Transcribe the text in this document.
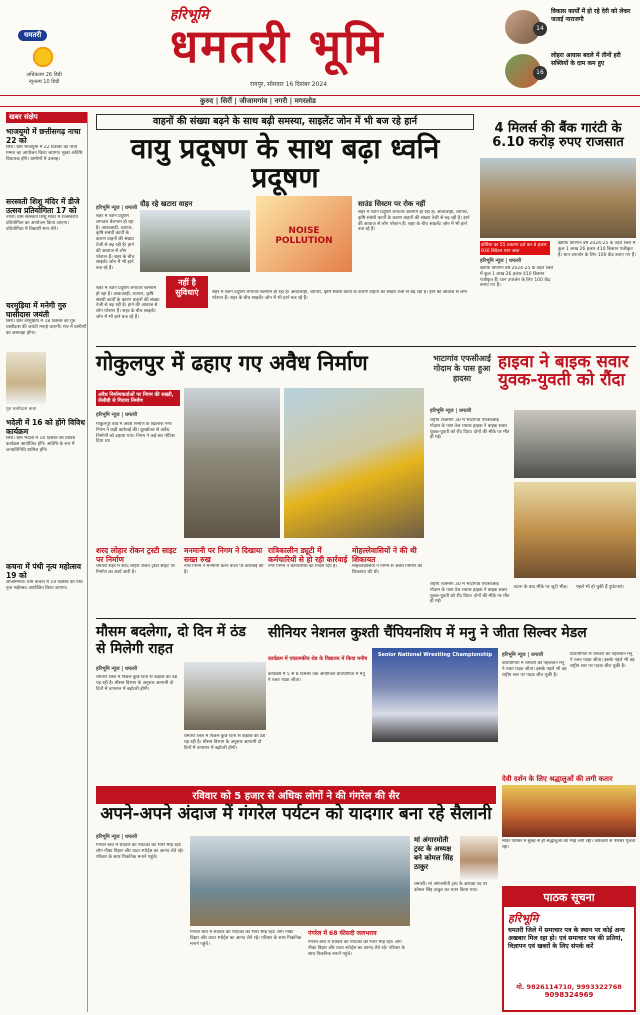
धमतरी
अधिकतम 26 डिग्री
न्यूनतम 10 डिग्री
हरिभूमि
धमतरी भूमि
रायपुर, सोमवार 16 दिसंबर 2024
14
विकास कार्यों में हो रहे देरी को लेकर जताई नाराजगी
16
लोहरा आवास बदले में तीनों हरी सब्जियों के दाम कम हुए
कुरुद | सिर्री | जीजामगांव | नगरी | मगरलोड
खबर संक्षेप
भाजयुमो में छत्तीसगढ़ नाचा 22 को
सिर्री। ग्राम भाजयुमो में 22 दिसंबर को नाचा गम्मत का आयोजन किया जाएगा। मुख्य अतिथि विधायक होंगे। ग्रामीणों में उत्साह।
सरस्वती शिशु मंदिर में डीजे उत्सव प्रतियोगिता 17 को
नगरी। ग्राम सरस्वती शिशु मंदिर में राजस्तरीय प्रतियोगिता का आयोजन किया जाएगा। प्रतियोगिता में विद्यार्थी भाग लेंगे।
चरमुड़िया में मनेगी गुरु घासीदास जयंती
सिर्री। ग्राम चरमुड़िया में 18 दिसंबर को गुरु घासीदास की जयंती मनाई जाएगी। मंच में ग्रामीणों का जमावड़ा होगा।
गुरु घासीदास बाबा
भदेली में 16 को होंगे विविध कार्यक्रम
सिर्री। ग्राम भदेली में 16 दिसंबर को विविध कार्यक्रम आयोजित होंगे। अतिथि के रूप में जनप्रतिनिधि शामिल होंगे।
कचना में पंथी नृत्य महोत्सव 19 को
जीजामगांव। ग्राम कचना में 19 दिसंबर को पंथी नृत्य महोत्सव आयोजित किया जाएगा।
वाहनों की संख्या बढ़ने के साथ बढ़ी समस्या, साइलेंट जोन में भी बज रहे हार्न
वायु प्रदूषण के साथ बढ़ा ध्वनि प्रदूषण
हरिभूमि न्यूज | धमतरी
शहर में ध्वनि प्रदूषण लगातार बेलगाम हो रहा है। आवाजाही, व्यापार, कृषि संबंधी कार्यों के कारण वाहनों की संख्या तेजी से बढ़ रही है। हार्न की आवाज से लोग परेशान हैं। शहर के बीच साइलेंट जोन में भी हार्न बज रहे हैं।
दौड़ रहे खटारा वाहन
NOISE POLLUTION
साउंड सिस्टम पर रोक नहीं
शहर में ध्वनि प्रदूषण लगातार बेलगाम हो रहा है। आवाजाही, व्यापार, कृषि संबंधी कार्यों के कारण वाहनों की संख्या तेजी से बढ़ रही है। हार्न की आवाज से लोग परेशान हैं। शहर के बीच साइलेंट जोन में भी हार्न बज रहे हैं।
नहीं है सुविधाएं	शहर में ध्वनि प्रदूषण लगातार बेलगाम हो रहा है। आवाजाही, व्यापार, कृषि संबंधी कार्यों के कारण वाहनों की संख्या तेजी से बढ़ रही है। हार्न की आवाज से लोग परेशान हैं। शहर के बीच साइलेंट जोन में भी हार्न बज रहे हैं।
शहर में ध्वनि प्रदूषण लगातार बेलगाम हो रहा है। आवाजाही, व्यापार, कृषि संबंधी कार्यों के कारण वाहनों की संख्या तेजी से बढ़ रही है। हार्न की आवाज से लोग परेशान हैं। शहर के बीच साइलेंट जोन में भी हार्न बज रहे हैं।
4 मिलर्स की बैंक गारंटी के 6.10 करोड़ रुपए राजसात
कोरिया का 55 प्रकरण दर्ज कर 8 हजार 930 क्विंटल धान जब्त
हरिभूमि न्यूज | धमतरी
खरीफ विपणन वर्ष 2024-25 के तहत जिले में कुल 1 लाख 26 हजार 410 किसान पंजीकृत हैं। धान उपार्जन के लिए 100 केंद्र बनाए गए हैं।
खरीफ विपणन वर्ष 2024-25 के तहत जिले में कुल 1 लाख 26 हजार 410 किसान पंजीकृत हैं। धान उपार्जन के लिए 100 केंद्र बनाए गए हैं।
गोकुलपुर में ढहाए गए अवैध निर्माण
अवैध निर्माणकर्ताओं पर निगम की सख्ती, जेसीबी से गिराया निर्माण
हरिभूमि न्यूज | धमतरी
गोकुलपुर वार्ड में अवैध निर्माण के खिलाफ नगर निगम ने कड़ी कार्रवाई की। बुलडोजर से अवैध निर्माणों को ढहाया गया। निगम ने कई बार नोटिस दिया था।
भाटागांव एफसीआई गोदाम के पास हुआ हादसा
हाइवा ने बाइक सवार युवक-युवती को रौंदा
हरिभूमि न्यूज | धमतरी
राष्ट्रीय राजमार्ग 30 में भाटागांव एफसीआई गोदाम के पास तेज रफ्तार हाइवा ने बाइक सवार युवक-युवती को रौंद दिया। दोनों की मौके पर मौत हो गई।
राष्ट्रीय राजमार्ग 30 में भाटागांव एफसीआई गोदाम के पास तेज रफ्तार हाइवा ने बाइक सवार युवक-युवती को रौंद दिया। दोनों की मौके पर मौत हो गई।
घटना के बाद मौके पर जुटी भीड़।	पहले भी हो चुकी हैं दुर्घटनाएं।
शरद लोहार रोकन ट्रस्टी साइट पर निर्माण
धमतरी शहर में शरद लोहार रोकन ट्रस्टी साइट पर निर्माण का कार्य जारी है।
मनमानी पर निगम ने दिखाया सख्त रुख
नगर निगम ने मनमानी करने वालों पर कार्रवाई की है।
रात्रिकालीन ड्यूटी में कर्मचारियों से हो रही कार्रवाई
नगर निगम ने कर्मचारियों को निर्देश दिए हैं।
मोहल्लेवासियों ने की थी शिकायत
मोहल्लेवासियों ने निगम से अवैध निर्माण की शिकायत की थी।
मौसम बदलेगा, दो दिन में ठंड से मिलेगी राहत
हरिभूमि न्यूज | धमतरी
धमतरी जिले में पिछले कुछ दिनों से कड़ाके की ठंड पड़ रही है। मौसम विभाग के अनुसार आगामी दो दिनों में तापमान में बढ़ोतरी होगी।
धमतरी जिले में पिछले कुछ दिनों से कड़ाके की ठंड पड़ रही है। मौसम विभाग के अनुसार आगामी दो दिनों में तापमान में बढ़ोतरी होगी।
सीनियर नेशनल कुश्ती चैंपियनशिप में मनु ने जीता सिल्वर मेडल
कार्यक्रम में एकात्मकीय शेड के विद्यालय में किया मनीष
कार्यक्रम में 5 से 8 दिसंबर तक आयोजित प्रतियोगिता में मनु ने रजत पदक जीता।
Senior National Wrestling Championship	हरिभूमि न्यूज | धमतरी
प्रतियोगिता में धमतरी की पहलवान मनु ने रजत पदक जीता। इसके पहले भी वह राष्ट्रीय स्तर पर पदक जीत चुकी है।
प्रतियोगिता में धमतरी की पहलवान मनु ने रजत पदक जीता। इसके पहले भी वह राष्ट्रीय स्तर पर पदक जीत चुकी है।
देवी दर्शन के लिए श्रद्धालुओं की लगी कतार
मंदिर परिसर में सुबह से ही श्रद्धालुओं की भीड़ लगी रही। जयकारों से परिसर गूंजता रहा।
रविवार को 5 हजार से अधिक लोगों ने की गंगरेल की सैर
अपने-अपने अंदाज में गंगरेल पर्यटन को यादगार बना रहे सैलानी
हरिभूमि न्यूज | धमतरी
गंगरेल बांध में रविवार को पर्यटकों की भारी भीड़ रही। लोग नौका विहार और वाटर स्पोर्ट्स का आनंद लेते रहे। परिवार के साथ पिकनिक मनाने पहुंचे।
गंगरेल बांध में रविवार को पर्यटकों की भारी भीड़ रही। लोग नौका विहार और वाटर स्पोर्ट्स का आनंद लेते रहे। परिवार के साथ पिकनिक मनाने पहुंचे।
गंगरेल में 68 फीसदी जलभराव
गंगरेल बांध में रविवार को पर्यटकों की भारी भीड़ रही। लोग नौका विहार और वाटर स्पोर्ट्स का आनंद लेते रहे। परिवार के साथ पिकनिक मनाने पहुंचे।
मां अंगारमोती ट्रस्ट के अध्यक्ष बने कोमल सिंह ठाकुर
धमतरी। मां अंगारमोती ट्रस्ट के अध्यक्ष पद पर कोमल सिंह ठाकुर का चयन किया गया।
पाठक सूचना
हरिभूमि
धमतरी जिले में समाचार पत्र के स्थान पर कोई अन्य अखबार मिल रहा हो। एवं समाचार पत्र की प्रतियां, विज्ञापन एवं खबरों के लिए संपर्क करें
मो. 9826114710, 9993322768
9098324969
